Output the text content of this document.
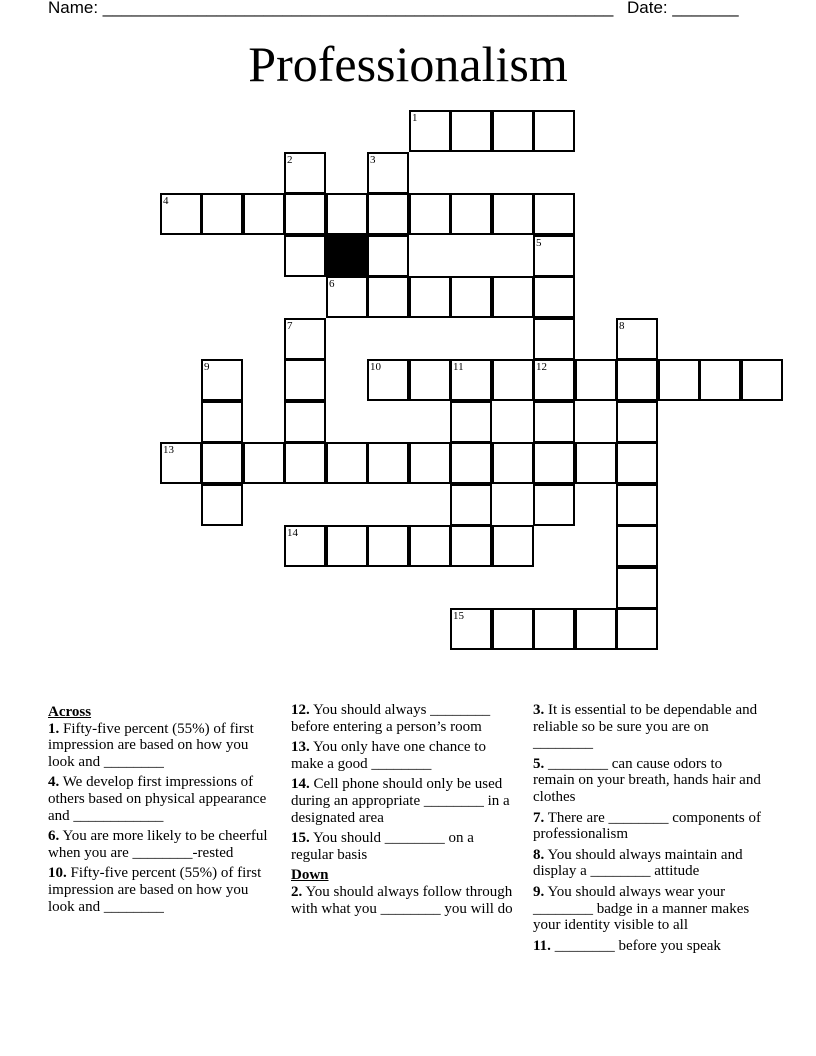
Name: ______________________________________________________ Date: _______
Professionalism
1
2	3
4
5
6
7	8
9	10	11	12
13
14
15
Across
1. Fifty-five percent (55%) of first impression are based on how you look and ________
4. We develop first impressions of others based on physical appearance and ____________
6. You are more likely to be cheerful when you are ________-rested
10. Fifty-five percent (55%) of first impression are based on how you look and ________
12. You should always ________ before entering a person’s room
13. You only have one chance to make a good ________
14. Cell phone should only be used during an appropriate ________ in a designated area
15. You should ________ on a regular basis
Down
2. You should always follow through with what you ________ you will do
3. It is essential to be dependable and reliable so be sure you are on ________
5. ________ can cause odors to remain on your breath, hands hair and clothes
7. There are ________ components of professionalism
8. You should always maintain and display a ________ attitude
9. You should always wear your ________ badge in a manner makes your identity visible to all
11. ________ before you speak
